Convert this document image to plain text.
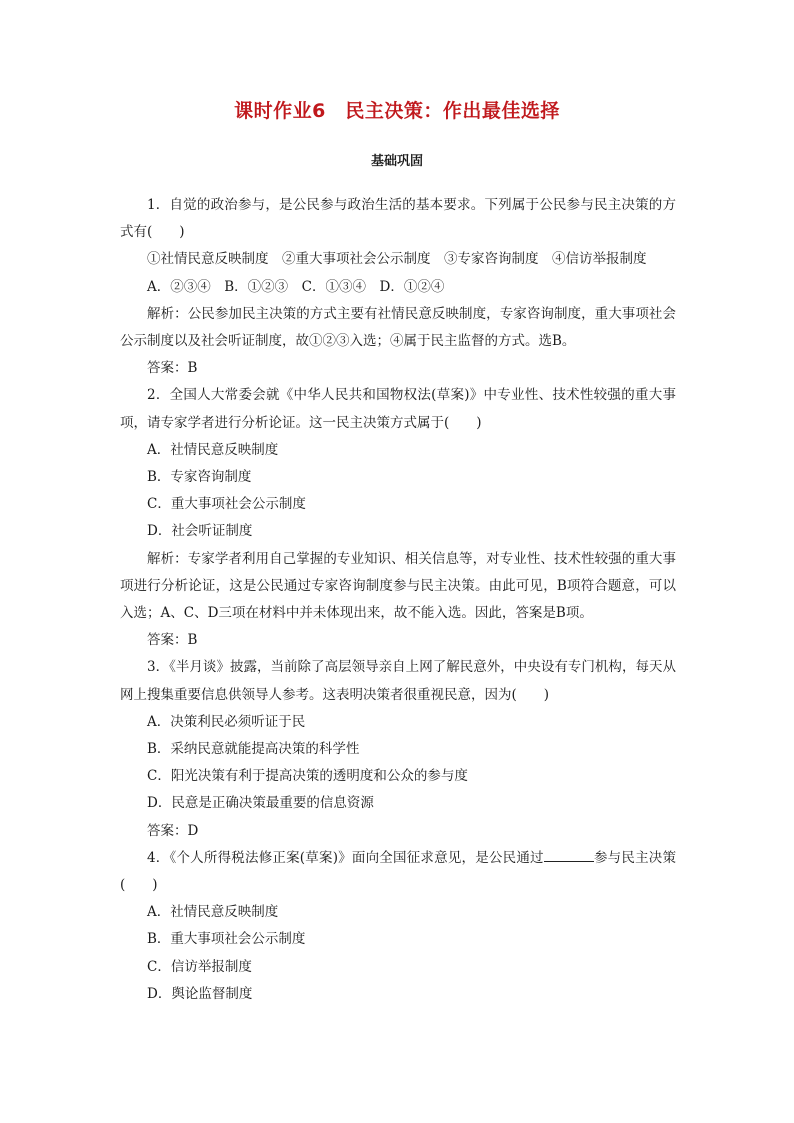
课时作业6　民主决策：作出最佳选择
基础巩固

1．自觉的政治参与，是公民参与政治生活的基本要求。下列属于公民参与民主决策的方式有(　　)

①社情民意反映制度　②重大事项社会公示制度　③专家咨询制度　④信访举报制度

A．②③④　B．①②③　C．①③④　D．①②④

解析：公民参加民主决策的方式主要有社情民意反映制度，专家咨询制度，重大事项社会公示制度以及社会听证制度，故①②③入选；④属于民主监督的方式。选B。

答案：B

2．全国人大常委会就《中华人民共和国物权法(草案)》中专业性、技术性较强的重大事项，请专家学者进行分析论证。这一民主决策方式属于(　　)

A．社情民意反映制度

B．专家咨询制度

C．重大事项社会公示制度

D．社会听证制度

解析：专家学者利用自己掌握的专业知识、相关信息等，对专业性、技术性较强的重大事项进行分析论证，这是公民通过专家咨询制度参与民主决策。由此可见，B项符合题意，可以入选；A、C、D三项在材料中并未体现出来，故不能入选。因此，答案是B项。

答案：B

3．《半月谈》披露，当前除了高层领导亲自上网了解民意外，中央设有专门机构，每天从网上搜集重要信息供领导人参考。这表明决策者很重视民意，因为(　　)

A．决策利民必须听证于民

B．采纳民意就能提高决策的科学性

C．阳光决策有利于提高决策的透明度和公众的参与度

D．民意是正确决策最重要的信息资源

答案：D

4．《个人所得税法修正案(草案)》面向全国征求意见，是公民通过	参与民主决策(　　)

A．社情民意反映制度

B．重大事项社会公示制度

C．信访举报制度

D．舆论监督制度
